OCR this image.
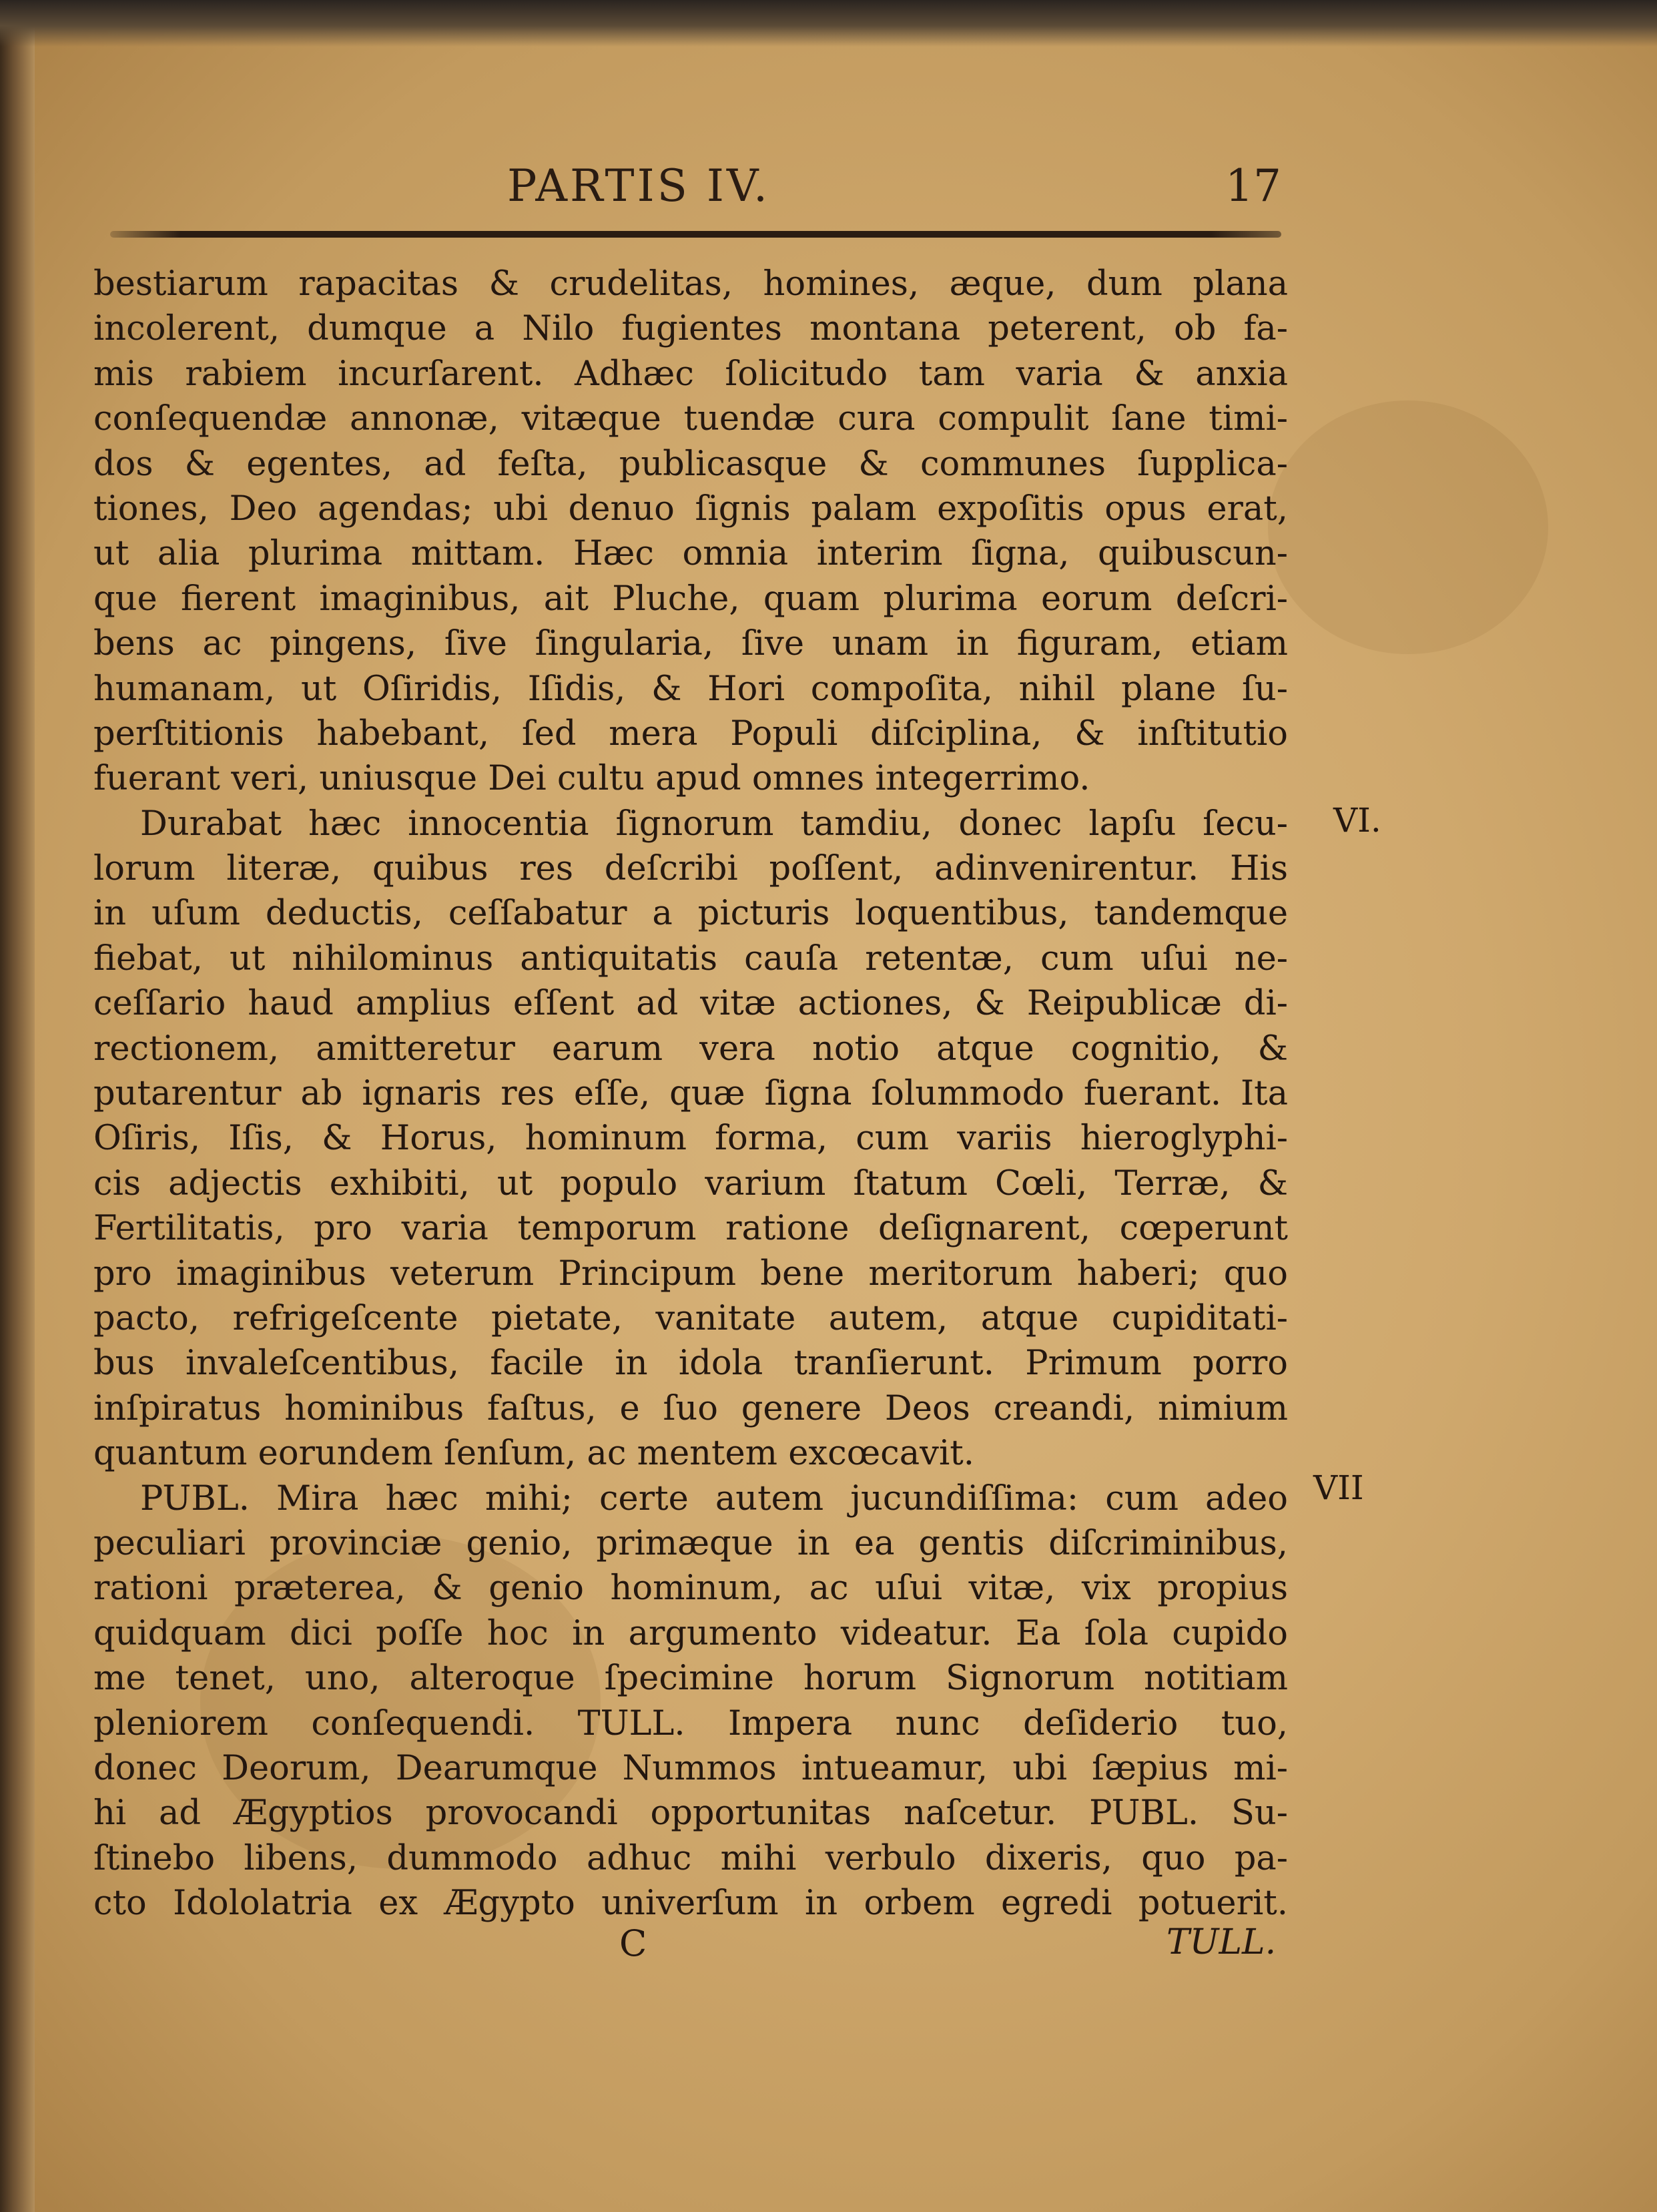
PARTIS IV.	17
bestiarum rapacitas & crudelitas, homines, æque, dum plana
incolerent, dumque a Nilo fugientes montana peterent, ob fa-
mis rabiem incurſarent. Adhæc ſolicitudo tam varia & anxia
conſequendæ annonæ, vitæque tuendæ cura compulit ſane timi-
dos & egentes, ad feſta, publicasque & communes ſupplica-
tiones, Deo agendas; ubi denuo ſignis palam expoſitis opus erat,
ut alia plurima mittam. Hæc omnia interim ſigna, quibuscun-
que fierent imaginibus, ait Pluche, quam plurima eorum deſcri-
bens ac pingens, ſive ſingularia, ſive unam in figuram, etiam
humanam, ut Oſiridis, Iſidis, & Hori compoſita, nihil plane ſu-
perſtitionis habebant, ſed mera Populi diſciplina, & inſtitutio
fuerant veri, uniusque Dei cultu apud omnes integerrimo.
Durabat hæc innocentia ſignorum tamdiu, donec lapſu ſecu-
lorum literæ, quibus res deſcribi poſſent, adinvenirentur. His
in uſum deductis, ceſſabatur a picturis loquentibus, tandemque
fiebat, ut nihilominus antiquitatis cauſa retentæ, cum uſui ne-
ceſſario haud amplius eſſent ad vitæ actiones, & Reipublicæ di-
rectionem, amitteretur earum vera notio atque cognitio, &
putarentur ab ignaris res eſſe, quæ ſigna ſolummodo fuerant. Ita
Oſiris, Iſis, & Horus, hominum forma, cum variis hieroglyphi-
cis adjectis exhibiti, ut populo varium ſtatum Cœli, Terræ, &
Fertilitatis, pro varia temporum ratione deſignarent, cœperunt
pro imaginibus veterum Principum bene meritorum haberi; quo
pacto, refrigeſcente pietate, vanitate autem, atque cupiditati-
bus invaleſcentibus, facile in idola tranſierunt. Primum porro
inſpiratus hominibus faſtus, e ſuo genere Deos creandi, nimium
quantum eorundem ſenſum, ac mentem excœcavit.
PUBL. Mira hæc mihi; certe autem jucundiſſima: cum adeo
peculiari provinciæ genio, primæque in ea gentis diſcriminibus,
rationi præterea, & genio hominum, ac uſui vitæ, vix propius
quidquam dici poſſe hoc in argumento videatur. Ea ſola cupido
me tenet, uno, alteroque ſpecimine horum Signorum notitiam
pleniorem conſequendi. TULL. Impera nunc deſiderio tuo,
donec Deorum, Dearumque Nummos intueamur, ubi ſæpius mi-
hi ad Ægyptios provocandi opportunitas naſcetur. PUBL. Su-
ſtinebo libens, dummodo adhuc mihi verbulo dixeris, quo pa-
cto Idololatria ex Ægypto univerſum in orbem egredi potuerit.
VI.
VII
C	TULL.
